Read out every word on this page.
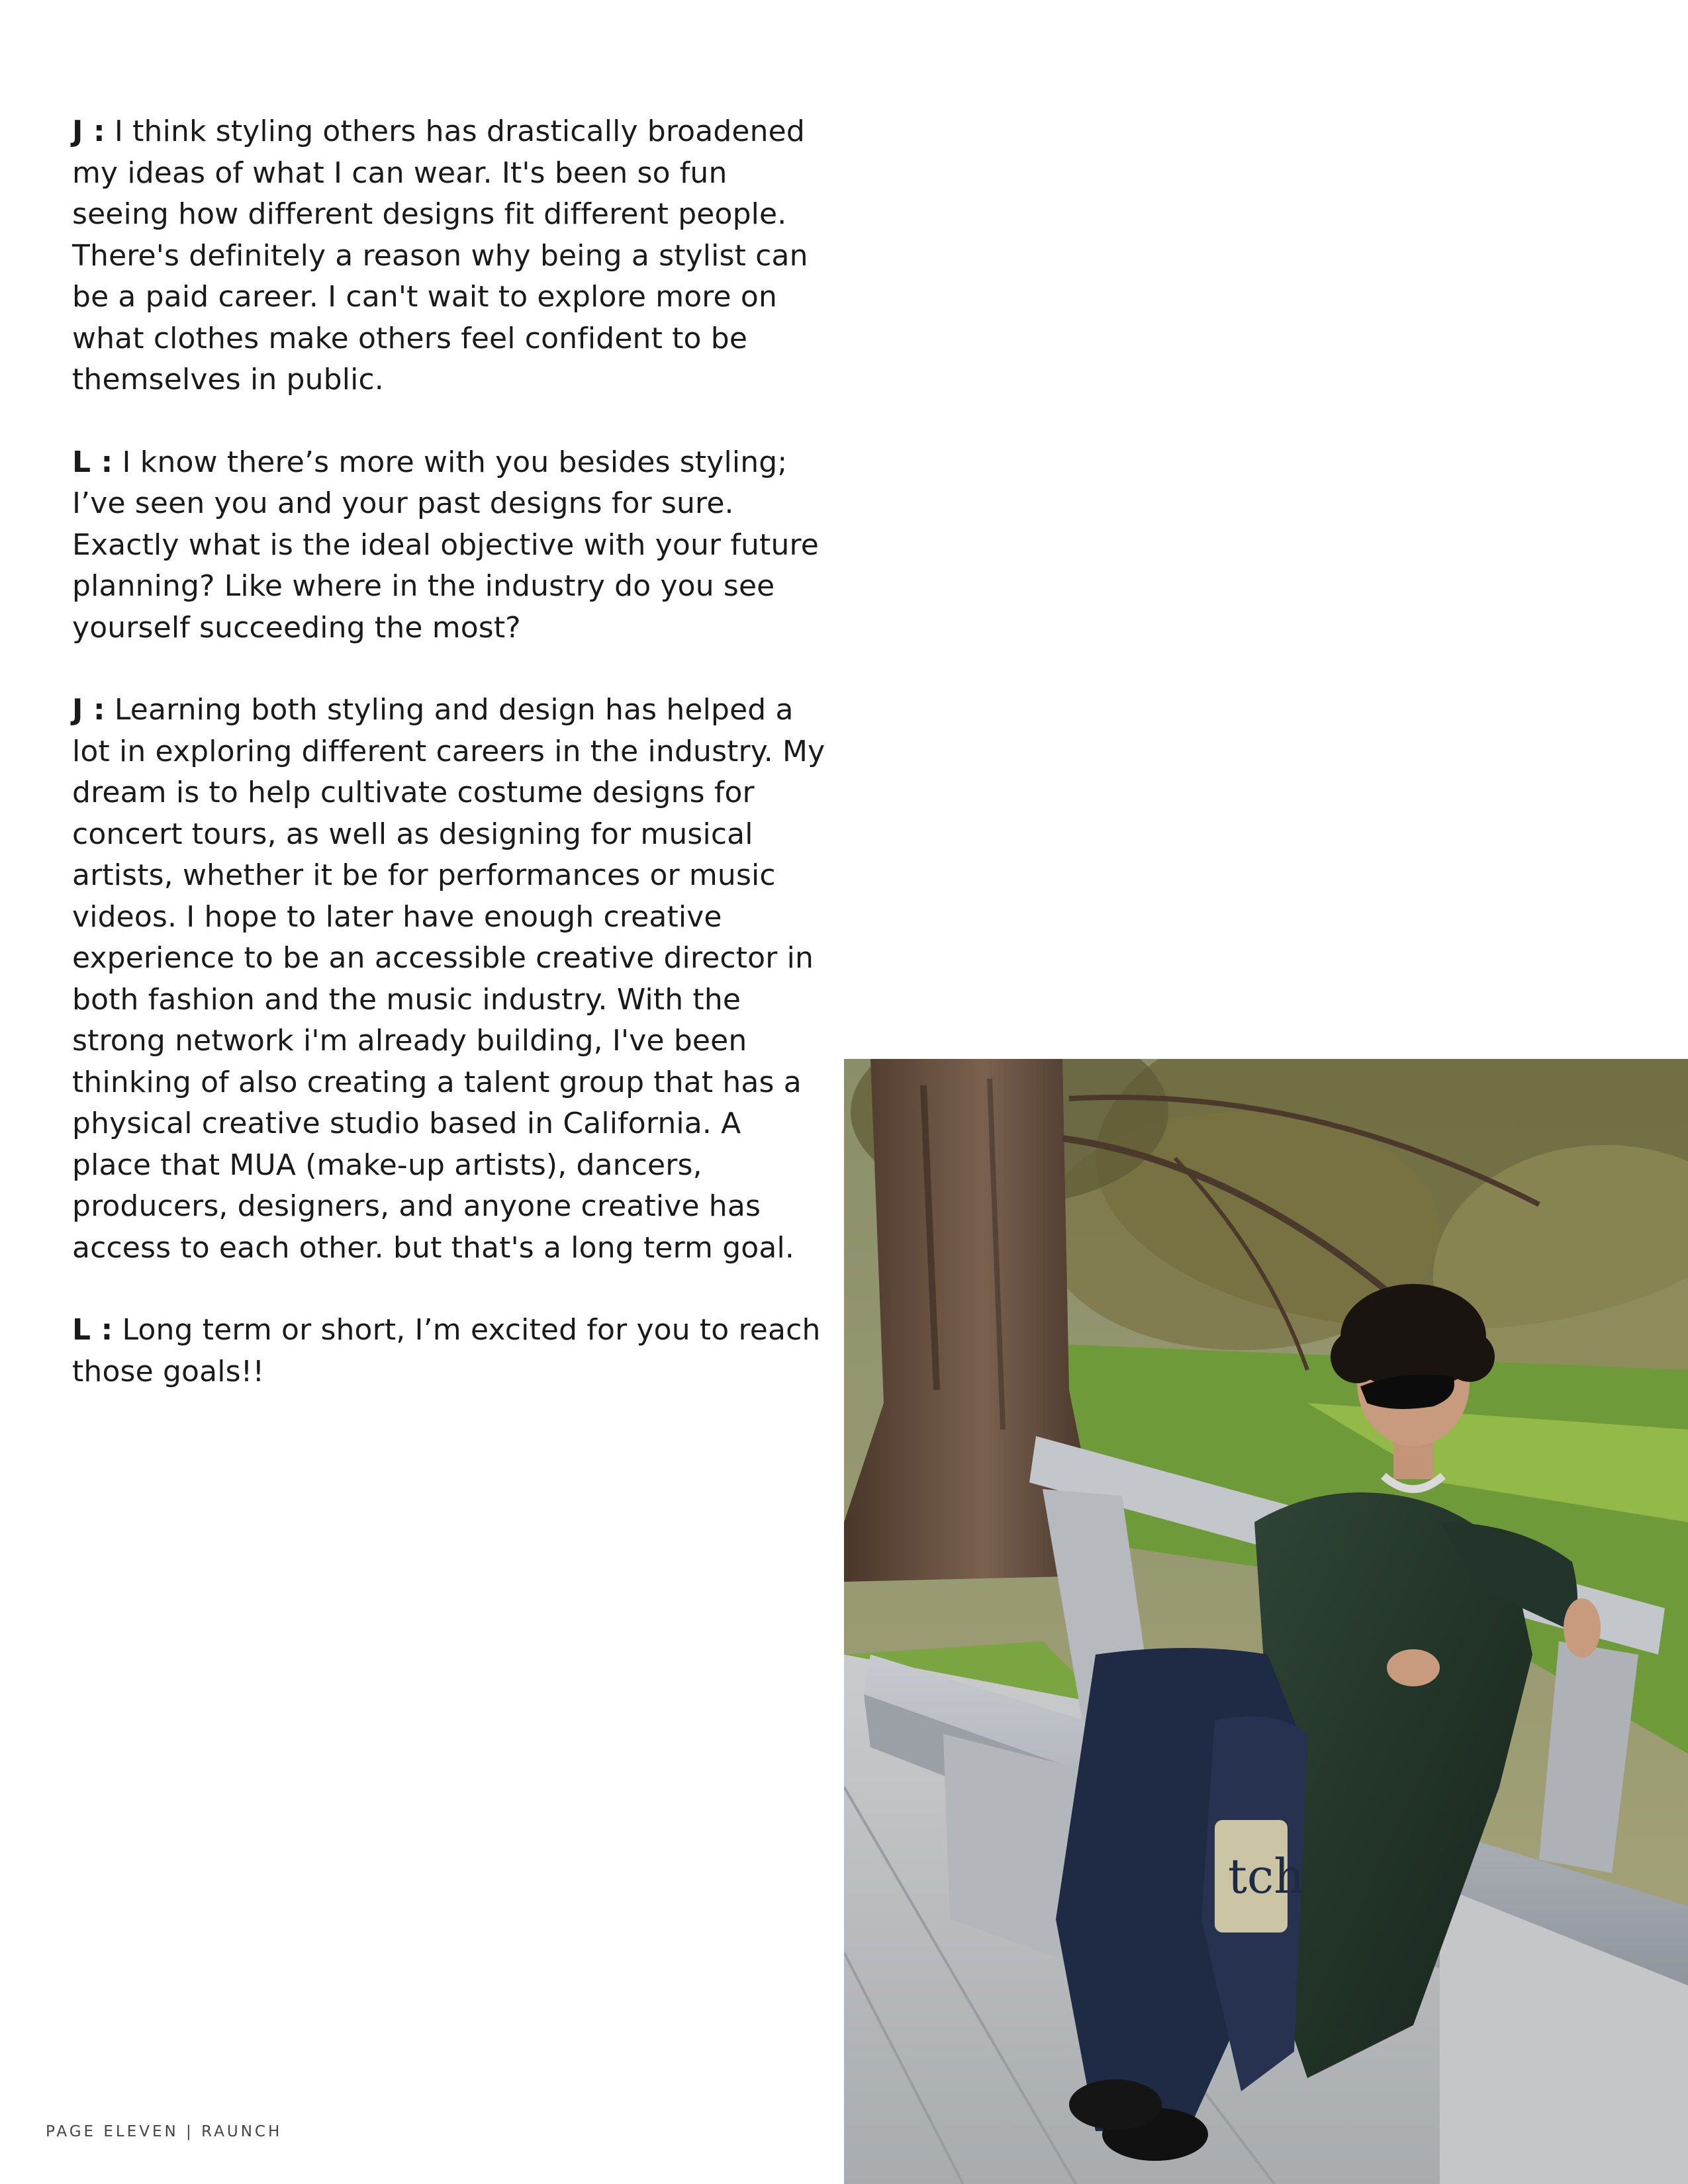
J : I think styling others has drastically broadened my ideas of what I can wear. It's been so fun seeing how different designs fit different people. There's definitely a reason why being a stylist can be a paid career. I can't wait to explore more on what clothes make others feel confident to be themselves in public.

L : I know there’s more with you besides styling; I’ve seen you and your past designs for sure. Exactly what is the ideal objective with your future planning? Like where in the industry do you see yourself succeeding the most?

J : Learning both styling and design has helped a lot in exploring different careers in the industry. My dream is to help cultivate costume designs for concert tours, as well as designing for musical artists, whether it be for performances or music videos. I hope to later have enough creative experience to be an accessible creative director in both fashion and the music industry. With the strong network i'm already building, I've been thinking of also creating a talent group that has a physical creative studio based in California. A place that MUA (make-up artists), dancers, producers, designers, and anyone creative has access to each other. but that's a long term goal.

L : Long term or short, I’m excited for you to reach those goals!!

tch
PAGE ELEVEN | RAUNCH
